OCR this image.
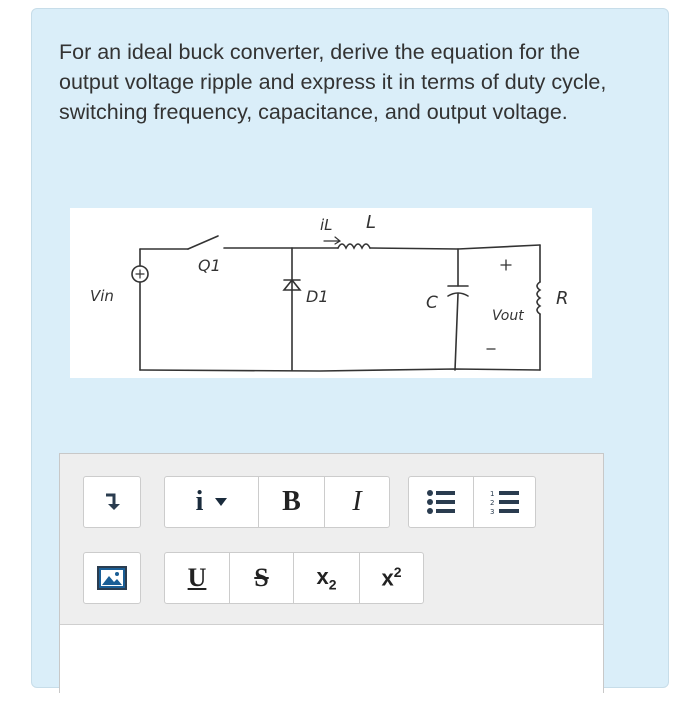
For an ideal buck converter, derive the equation for the output voltage ripple and express it in terms of duty cycle, switching frequency, capacitance, and output voltage.

Vin
Q1
D1
iL L
C	R
Vout
i	B I	1
2
3
U S $x_2$ $x^2$
